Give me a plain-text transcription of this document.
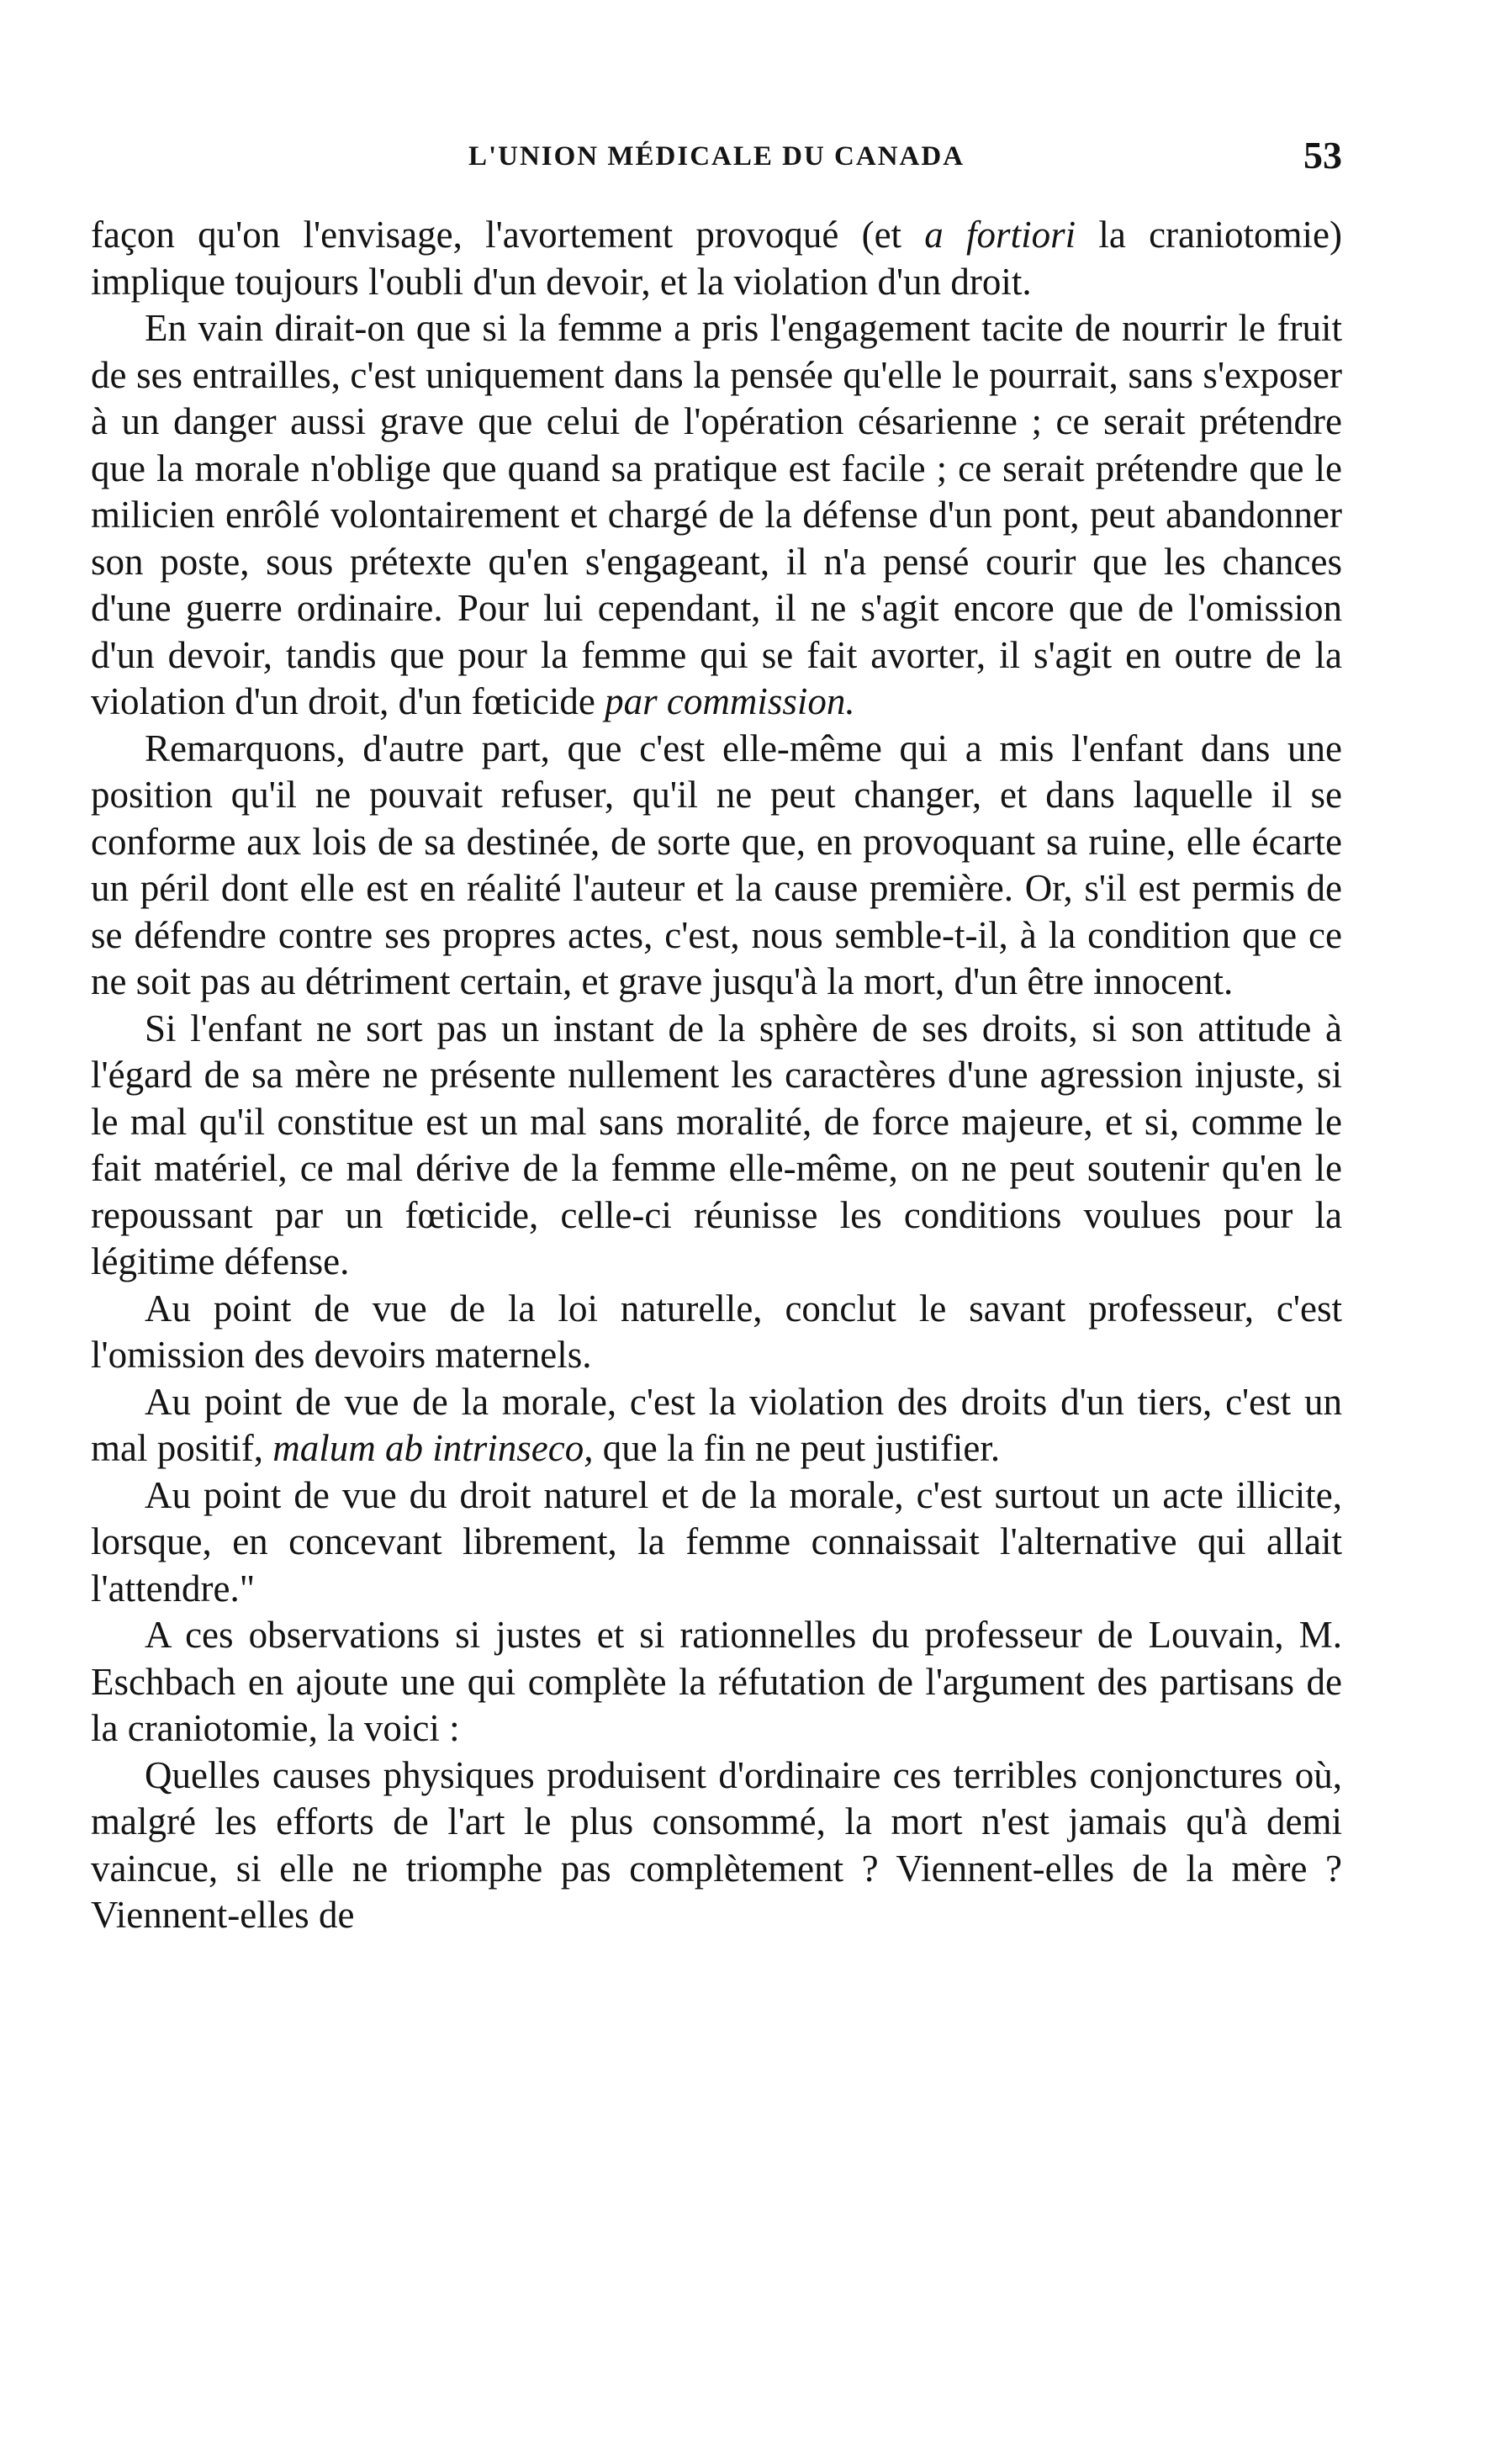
L'UNION MÉDICALE DU CANADA	53

façon qu'on l'envisage, l'avortement provoqué (et a fortiori la craniotomie) implique toujours l'oubli d'un devoir, et la violation d'un droit.

En vain dirait-on que si la femme a pris l'engagement tacite de nourrir le fruit de ses entrailles, c'est uniquement dans la pensée qu'elle le pourrait, sans s'exposer à un danger aussi grave que celui de l'opération césarienne ; ce serait prétendre que la morale n'oblige que quand sa pratique est facile ; ce serait prétendre que le milicien enrôlé volontairement et chargé de la défense d'un pont, peut abandonner son poste, sous prétexte qu'en s'engageant, il n'a pensé courir que les chances d'une guerre ordinaire. Pour lui cependant, il ne s'agit encore que de l'omission d'un devoir, tandis que pour la femme qui se fait avorter, il s'agit en outre de la violation d'un droit, d'un fœticide par commission.

Remarquons, d'autre part, que c'est elle-même qui a mis l'enfant dans une position qu'il ne pouvait refuser, qu'il ne peut changer, et dans laquelle il se conforme aux lois de sa destinée, de sorte que, en provoquant sa ruine, elle écarte un péril dont elle est en réalité l'auteur et la cause première. Or, s'il est permis de se défendre contre ses propres actes, c'est, nous semble-t-il, à la condition que ce ne soit pas au détriment certain, et grave jusqu'à la mort, d'un être innocent.

Si l'enfant ne sort pas un instant de la sphère de ses droits, si son attitude à l'égard de sa mère ne présente nullement les caractères d'une agression injuste, si le mal qu'il constitue est un mal sans moralité, de force majeure, et si, comme le fait matériel, ce mal dérive de la femme elle-même, on ne peut soutenir qu'en le repoussant par un fœticide, celle-ci réunisse les conditions voulues pour la légitime défense.

Au point de vue de la loi naturelle, conclut le savant professeur, c'est l'omission des devoirs maternels.

Au point de vue de la morale, c'est la violation des droits d'un tiers, c'est un mal positif, malum ab intrinseco, que la fin ne peut justifier.

Au point de vue du droit naturel et de la morale, c'est surtout un acte illicite, lorsque, en concevant librement, la femme connaissait l'alternative qui allait l'attendre."

A ces observations si justes et si rationnelles du professeur de Louvain, M. Eschbach en ajoute une qui complète la réfutation de l'argument des partisans de la craniotomie, la voici :

Quelles causes physiques produisent d'ordinaire ces terribles conjonctures où, malgré les efforts de l'art le plus consommé, la mort n'est jamais qu'à demi vaincue, si elle ne triomphe pas complètement ? Viennent-elles de la mère ? Viennent-elles de
